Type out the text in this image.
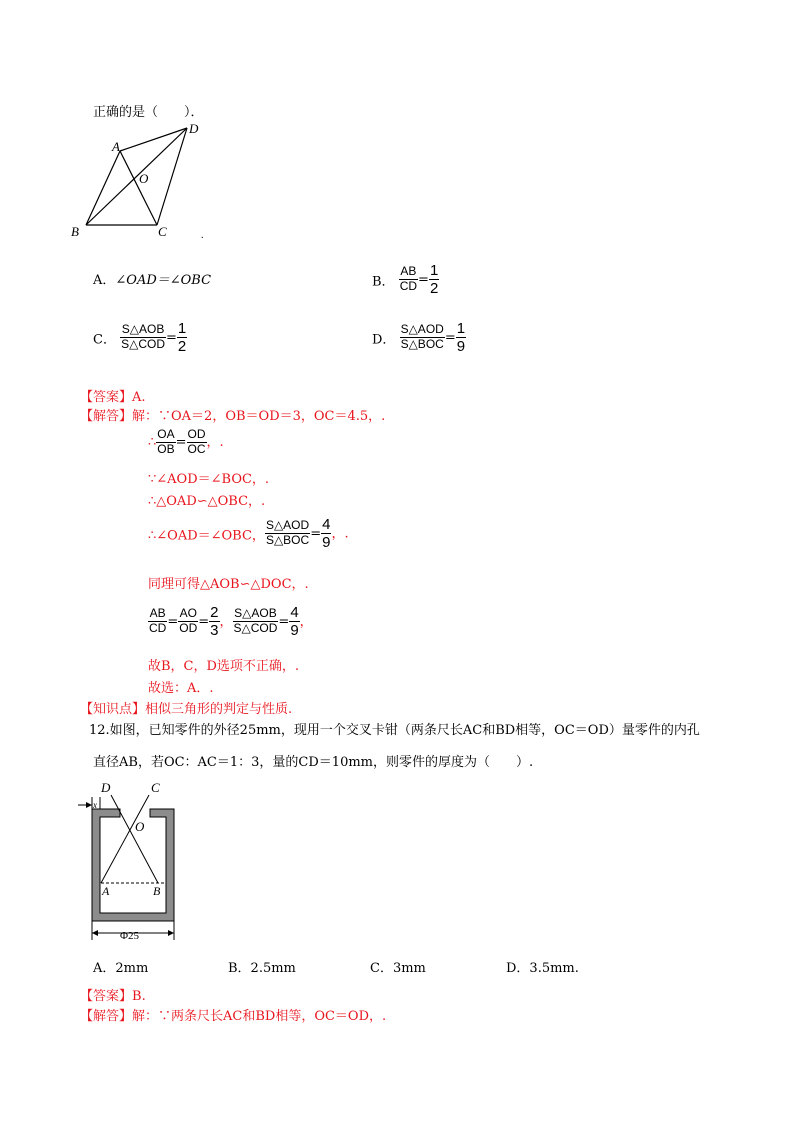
正确的是（　　）．
A
D
O
B	C	.
A．∠OAD＝∠OBC	B． $\frac{AB}{CD} = \frac{1}{2}$
C． $\frac{\text{S△AOB}}{\text{S△COD}} = \frac{1}{2}$	D． $\frac{\text{S△AOD}}{\text{S△BOC}} = \frac{1}{9}$
【答案】A.
【解答】解：∵OA＝2，OB＝OD＝3，OC＝4.5，.
∴ $\frac{OA}{OB} = \frac{OD}{OC}$ ，.
∵∠AOD＝∠BOC，.
∴△OAD∽△OBC，.
∴∠OAD＝∠OBC， $\frac{\text{S△AOD}}{\text{S△BOC}} = \frac{4}{9}$ ，.
同理可得△AOB∽△DOC，.
$\frac{AB}{CD} = \frac{AO}{OD} = \frac{2}{3}$ ， $\frac{\text{S△AOB}}{\text{S△COD}} = \frac{4}{9}$ ，
故B，C，D选项不正确，.
故选：A．.
【知识点】相似三角形的判定与性质.
12.如图，已知零件的外径25mm，现用一个交叉卡钳（两条尺长AC和BD相等，OC＝OD）量零件的内孔
直径AB，若OC：AC＝1：3，量的CD＝10mm，则零件的厚度为（　　）.
D	C
O
A	B
x
Φ25
A．2mm	B．2.5mm	C．3mm	D．3.5mm.
【答案】B.
【解答】解：∵两条尺长AC和BD相等，OC＝OD，.
